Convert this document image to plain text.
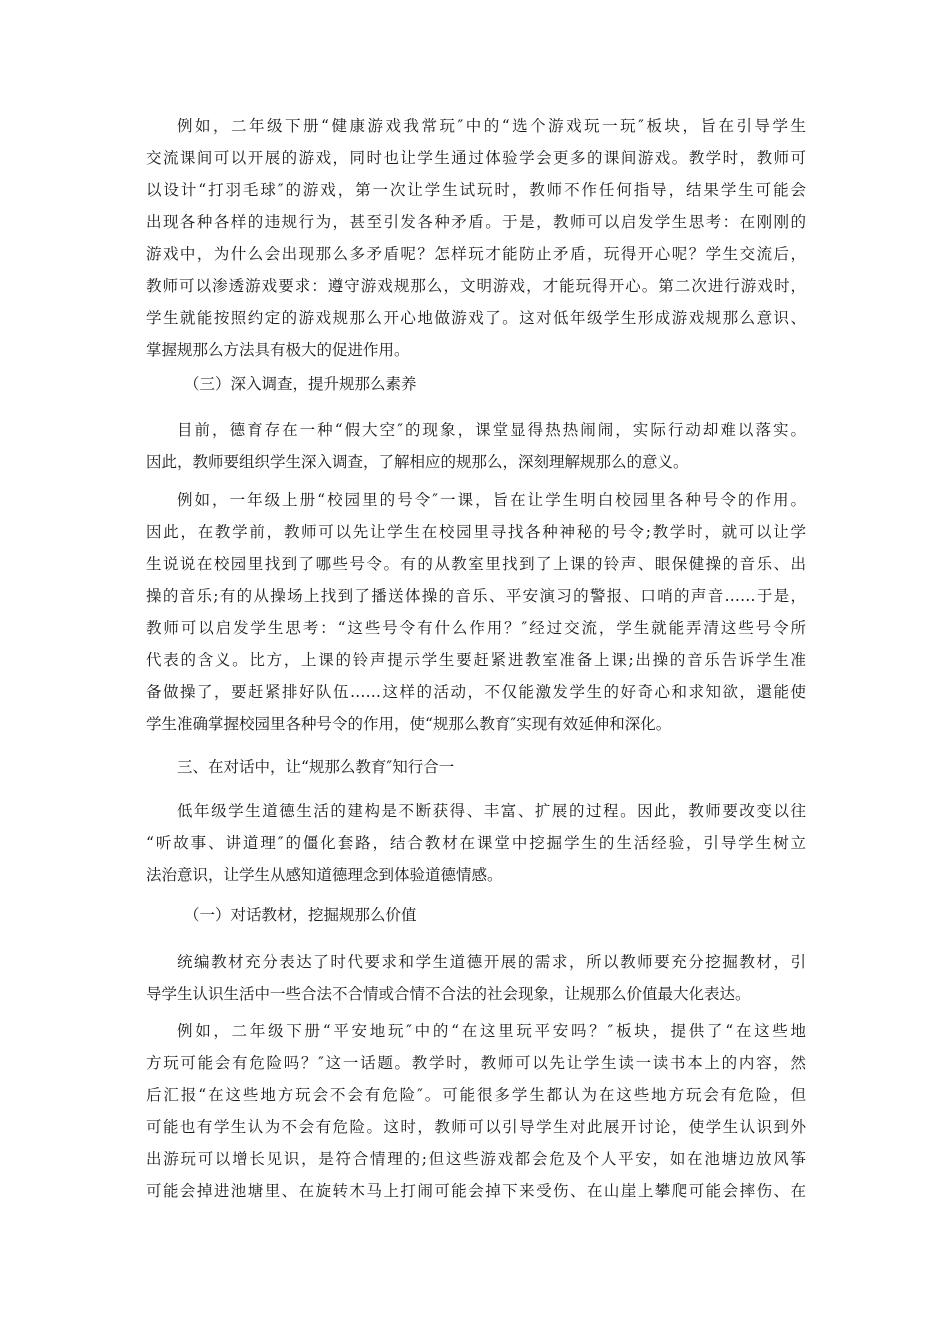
例如，二年级下册“健康游戏我常玩″中的“选个游戏玩一玩″板块，旨在引导学生
交流课间可以开展的游戏，同时也让学生通过体验学会更多的课间游戏。教学时，教师可
以设计“打羽毛球″的游戏，第一次让学生试玩时，教师不作任何指导，结果学生可能会
出现各种各样的违规行为，甚至引发各种矛盾。于是，教师可以启发学生思考：在刚刚的
游戏中，为什么会出现那么多矛盾呢？怎样玩才能防止矛盾，玩得开心呢？学生交流后，
教师可以渗透游戏要求：遵守游戏规那么，文明游戏，才能玩得开心。第二次进行游戏时，
学生就能按照约定的游戏规那么开心地做游戏了。这对低年级学生形成游戏规那么意识、
掌握规那么方法具有极大的促进作用。
（三）深入调查，提升规那么素养
目前，德育存在一种“假大空″的现象，课堂显得热热闹闹，实际行动却难以落实。
因此，教师要组织学生深入调查，了解相应的规那么，深刻理解规那么的意义。
例如，一年级上册“校园里的号令″一课，旨在让学生明白校园里各种号令的作用。
因此，在教学前，教师可以先让学生在校园里寻找各种神秘的号令;教学时，就可以让学
生说说在校园里找到了哪些号令。有的从教室里找到了上课的铃声、眼保健操的音乐、出
操的音乐;有的从操场上找到了播送体操的音乐、平安演习的警报、口哨的声音……于是，
教师可以启发学生思考：“这些号令有什么作用？″经过交流，学生就能弄清这些号令所
代表的含义。比方，上课的铃声提示学生要赶紧进教室准备上课;出操的音乐告诉学生准
备做操了，要赶紧排好队伍……这样的活动，不仅能激发学生的好奇心和求知欲，還能使
学生准确掌握校园里各种号令的作用，使“规那么教育″实现有效延伸和深化。
三、在对话中，让“规那么教育″知行合一
低年级学生道德生活的建构是不断获得、丰富、扩展的过程。因此，教师要改变以往
“听故事、讲道理″的僵化套路，结合教材在课堂中挖掘学生的生活经验，引导学生树立
法治意识，让学生从感知道德理念到体验道德情感。
（一）对话教材，挖掘规那么价值
统编教材充分表达了时代要求和学生道德开展的需求，所以教师要充分挖掘教材，引
导学生认识生活中一些合法不合情或合情不合法的社会现象，让规那么价值最大化表达。
例如，二年级下册“平安地玩″中的“在这里玩平安吗？″板块，提供了“在这些地
方玩可能会有危险吗？″这一话题。教学时，教师可以先让学生读一读书本上的内容，然
后汇报“在这些地方玩会不会有危险″。可能很多学生都认为在这些地方玩会有危险，但
可能也有学生认为不会有危险。这时，教师可以引导学生对此展开讨论，使学生认识到外
出游玩可以增长见识，是符合情理的;但这些游戏都会危及个人平安，如在池塘边放风筝
可能会掉进池塘里、在旋转木马上打闹可能会掉下来受伤、在山崖上攀爬可能会摔伤、在
